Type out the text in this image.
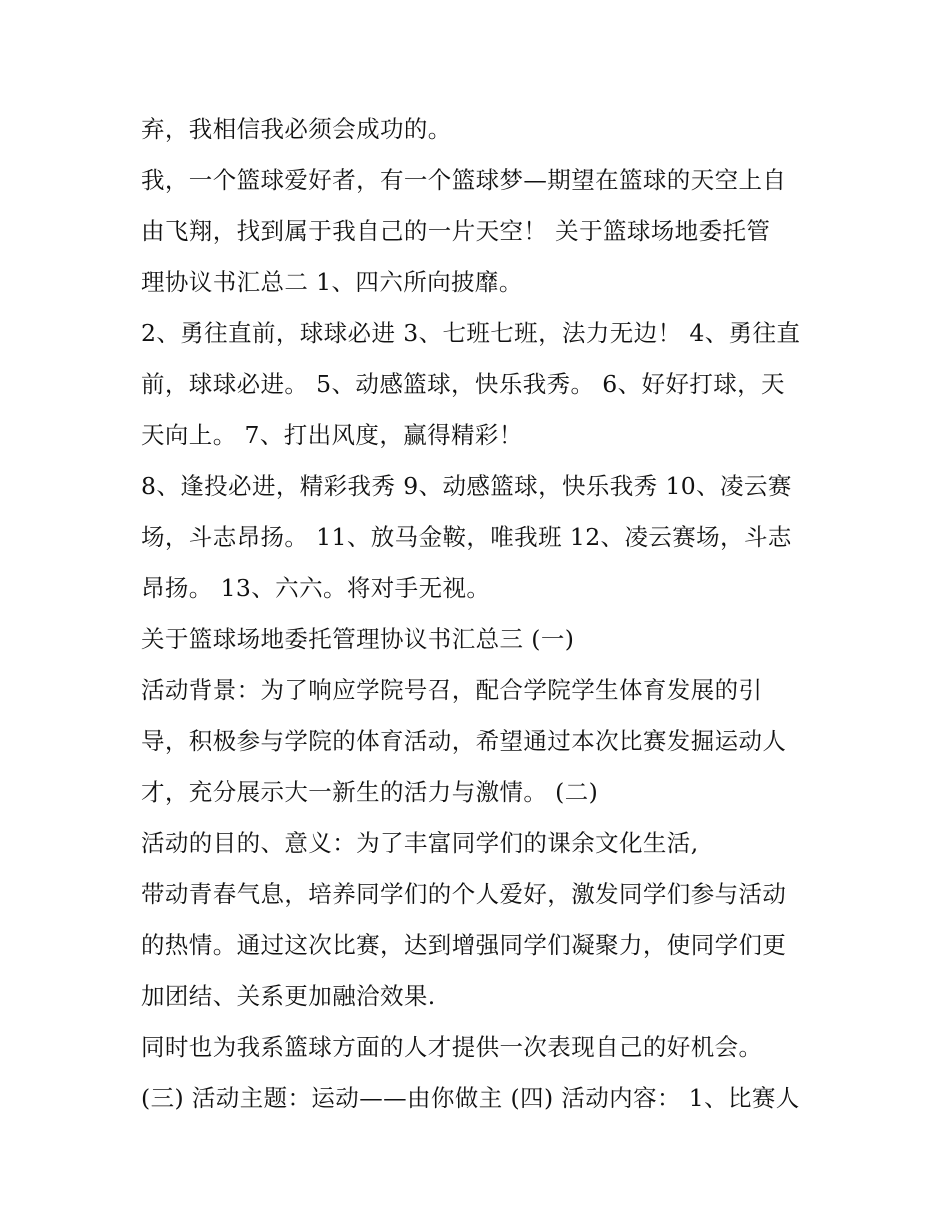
弃，我相信我必须会成功的。
我，一个篮球爱好者，有一个篮球梦—期望在篮球的天空上自
由飞翔，找到属于我自己的一片天空！ 关于篮球场地委托管
理协议书汇总二 1、四六所向披靡。
2、勇往直前，球球必进 3、七班七班，法力无边！ 4、勇往直
前，球球必进。 5、动感篮球，快乐我秀。 6、好好打球，天
天向上。 7、打出风度，赢得精彩！
8、逢投必进，精彩我秀 9、动感篮球，快乐我秀 10、凌云赛
场，斗志昂扬。 11、放马金鞍，唯我班 12、凌云赛场，斗志
昂扬。 13、六六。将对手无视。
关于篮球场地委托管理协议书汇总三 (一)
活动背景：为了响应学院号召，配合学院学生体育发展的引
导，积极参与学院的体育活动，希望通过本次比赛发掘运动人
才，充分展示大一新生的活力与激情。 (二)
活动的目的、意义：为了丰富同学们的课余文化生活,
带动青春气息，培养同学们的个人爱好，激发同学们参与活动
的热情。通过这次比赛，达到增强同学们凝聚力，使同学们更
加团结、关系更加融洽效果.
同时也为我系篮球方面的人才提供一次表现自己的好机会。
(三) 活动主题：运动——由你做主 (四) 活动内容： 1、比赛人
